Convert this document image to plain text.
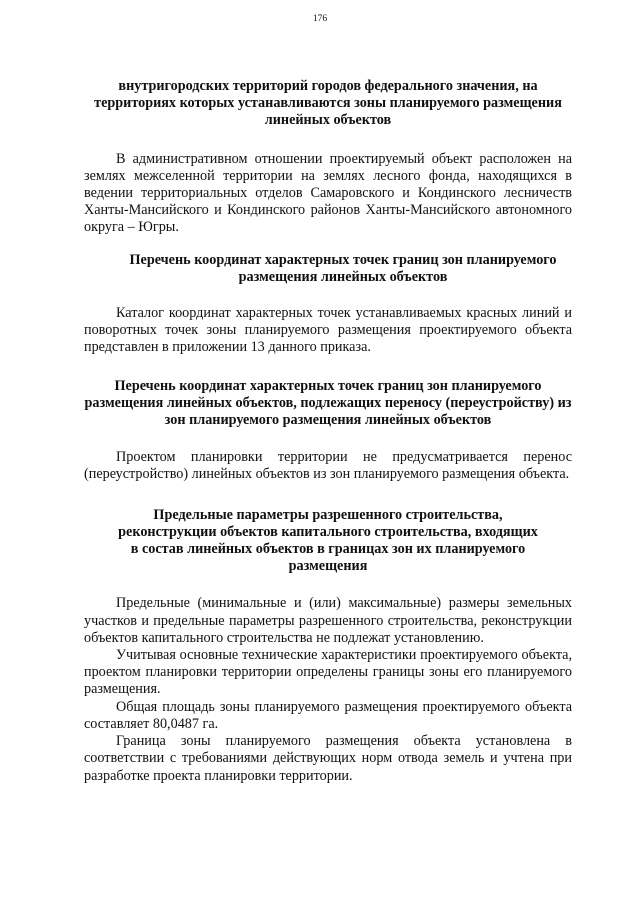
176

внутригородских территорий городов федерального значения, на территориях которых устанавливаются зоны планируемого размещения линейных объектов

В административном отношении проектируемый объект расположен на землях межселенной территории на землях лесного фонда, находящихся в ведении территориальных отделов Самаровского и Кондинского лесничеств Ханты-Мансийского и Кондинского районов Ханты-Мансийского автономного округа – Югры.

Перечень координат характерных точек границ зон планируемого размещения линейных объектов

Каталог координат характерных точек устанавливаемых красных линий и поворотных точек зоны планируемого размещения проектируемого объекта представлен в приложении 13 данного приказа.

Перечень координат характерных точек границ зон планируемого размещения линейных объектов, подлежащих переносу (переустройству) из зон планируемого размещения линейных объектов

Проектом планировки территории не предусматривается перенос (переустройство) линейных объектов из зон планируемого размещения объекта.

Предельные параметры разрешенного строительства,
реконструкции объектов капитального строительства, входящих
в состав линейных объектов в границах зон их планируемого
размещения

Предельные (минимальные и (или) максимальные) размеры земельных участков и предельные параметры разрешенного строительства, реконструкции объектов капитального строительства не подлежат установлению.

Учитывая основные технические характеристики проектируемого объекта, проектом планировки территории определены границы зоны его планируемого размещения.

Общая площадь зоны планируемого размещения проектируемого объекта составляет 80,0487 га.

Граница зоны планируемого размещения объекта установлена в соответствии с требованиями действующих норм отвода земель и учтена при разработке проекта планировки территории.
